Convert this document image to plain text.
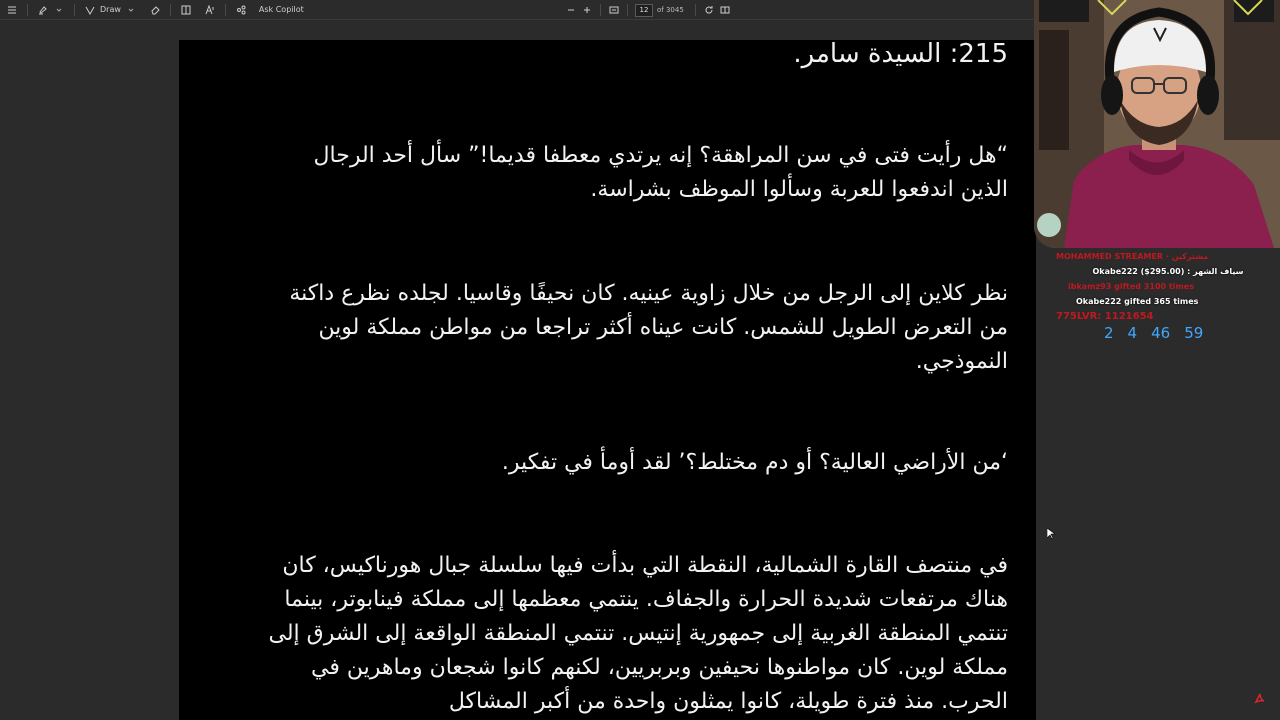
Draw	Ask Copilot	12	of 3045
215: السيدة سامر.
“هل رأيت فتى في سن المراهقة؟ إنه يرتدي معطفا قديما!” سأل أحد الرجال الذين اندفعوا للعربة وسألوا الموظف بشراسة.
نظر كلاين إلى الرجل من خلال زاوية عينيه. كان نحيفًا وقاسيا. لجلده نظرع داكنة من التعرض الطويل للشمس. كانت عيناه أكثر تراجعا من مواطن مملكة لوين النموذجي.
‘من الأراضي العالية؟ أو دم مختلط؟’ لقد أومأ في تفكير.
في منتصف القارة الشمالية، النقطة التي بدأت فيها سلسلة جبال هورناكيس، كان هناك مرتفعات شديدة الحرارة والجفاف. ينتمي معظمها إلى مملكة فينابوتر، بينما تنتمي المنطقة الغربية إلى جمهورية إنتيس. تنتمي المنطقة الواقعة إلى الشرق إلى مملكة لوين. كان مواطنوها نحيفين وبربريين، لكنهم كانوا شجعان وماهرين في الحرب. منذ فترة طويلة، كانوا يمثلون واحدة من أكبر المشاكل
MOHAMMED STREAMER · مشتركين
Okabe222 ($295.00) : سياف الشهر
ibkamz93 gifted 3100 times
Okabe222 gifted 365 times
775LVR: 1121654
2 4 46 59
